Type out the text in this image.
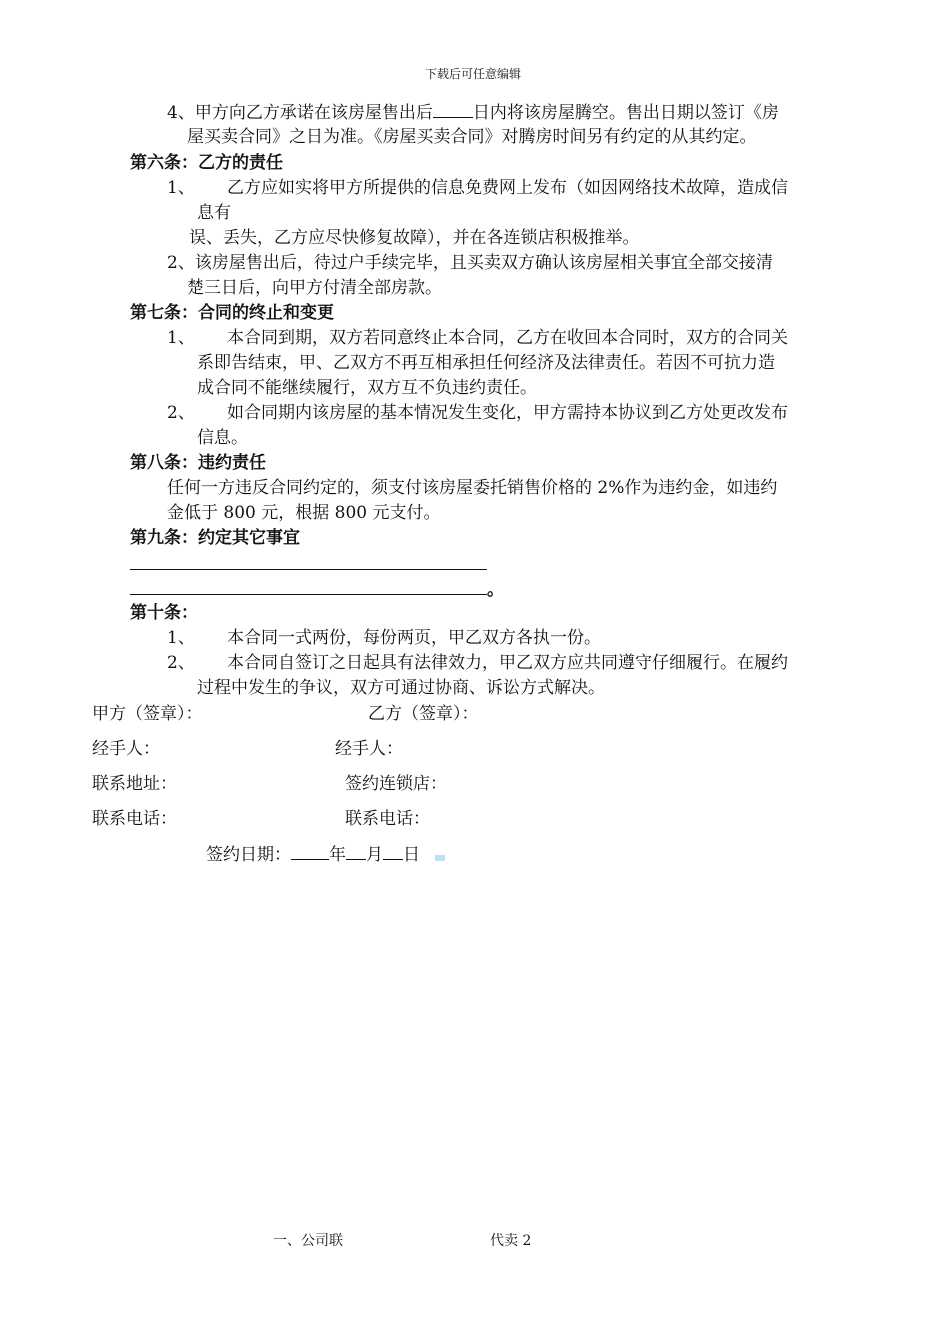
下载后可任意编辑
4、甲方向乙方承诺在该房屋售出后 日内将该房屋腾空。售出日期以签订《房
屋买卖合同》之日为准。《房屋买卖合同》对腾房时间另有约定的从其约定。
第六条：乙方的责任
1、 乙方应如实将甲方所提供的信息免费网上发布（如因网络技术故障，造成信
息有
误、丢失，乙方应尽快修复故障），并在各连锁店积极推举。
2、该房屋售出后，待过户手续完毕，且买卖双方确认该房屋相关事宜全部交接清
楚三日后，向甲方付清全部房款。
第七条：合同的终止和变更
1、 本合同到期，双方若同意终止本合同，乙方在收回本合同时，双方的合同关
系即告结束，甲、乙双方不再互相承担任何经济及法律责任。若因不可抗力造
成合同不能继续履行，双方互不负违约责任。
2、 如合同期内该房屋的基本情况发生变化，甲方需持本协议到乙方处更改发布
信息。
第八条：违约责任
任何一方违反合同约定的，须支付该房屋委托销售价格的 2%作为违约金，如违约
金低于 800 元，根据 800 元支付。
第九条：约定其它事宜
。
第十条：
1、 本合同一式两份，每份两页，甲乙双方各执一份。
2、 本合同自签订之日起具有法律效力，甲乙双方应共同遵守仔细履行。在履约
过程中发生的争议，双方可通过协商、诉讼方式解决。
甲方（签章）：	乙方（签章）：
经手人：	经手人：
联系地址：	签约连锁店：
联系电话：	联系电话：
签约日期： 年 月 日
一、公司联	代卖 2
